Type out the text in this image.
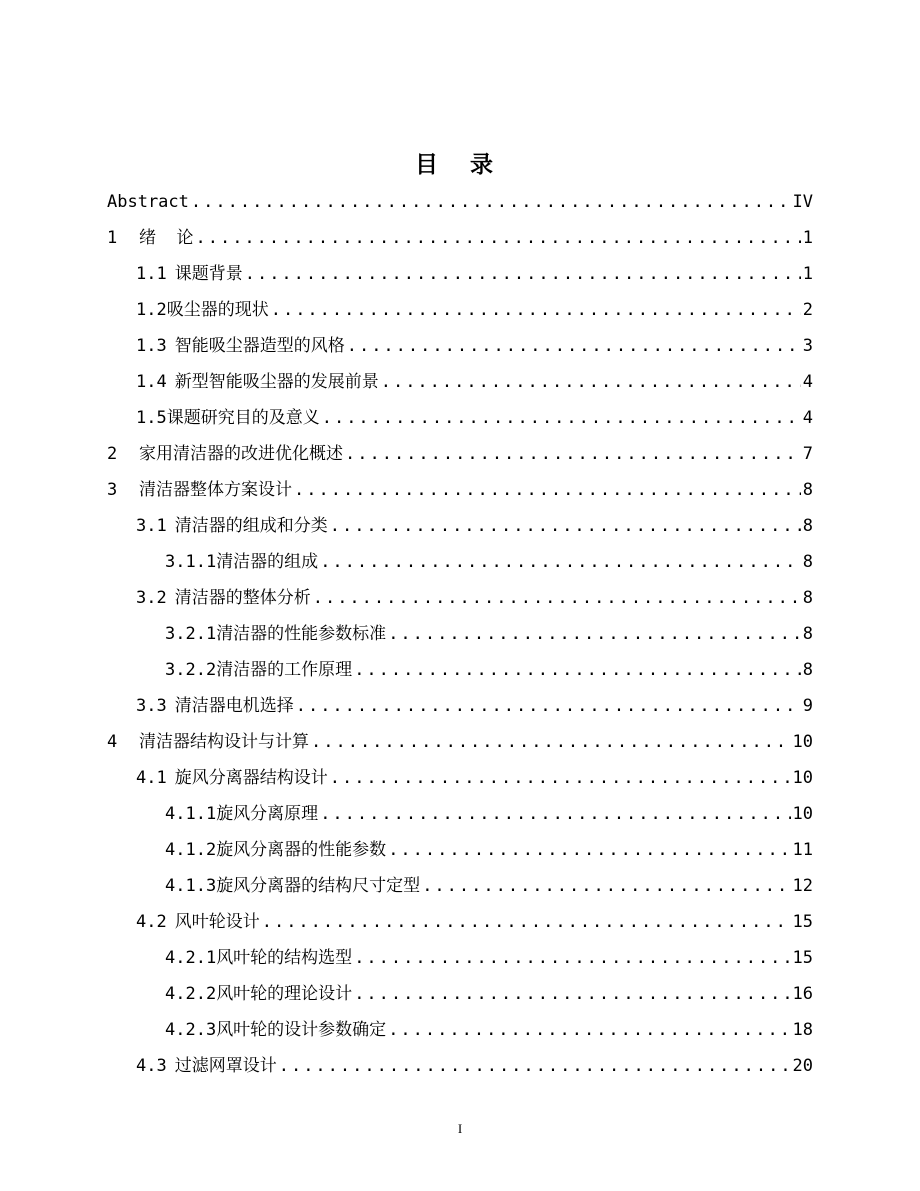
目 录
Abstract .....	IV
1	绪  论 .....	1
1.1 课题背景 .....	1
1.2 吸尘器的现状 .....	2
1.3 智能吸尘器造型的风格 .....	3
1.4 新型智能吸尘器的发展前景 .....	4
1.5 课题研究目的及意义 .....	4
2	家用清洁器的改进优化概述 .....	7
3	清洁器整体方案设计 .....	8
3.1 清洁器的组成和分类 .....	8
3.1.1 清洁器的组成 .....	8
3.2 清洁器的整体分析 .....	8
3.2.1 清洁器的性能参数标准 .....	8
3.2.2 清洁器的工作原理 .....	8
3.3 清洁器电机选择 .....	9
4	清洁器结构设计与计算 .....	10
4.1 旋风分离器结构设计 .....	10
4.1.1 旋风分离原理 .....	10
4.1.2 旋风分离器的性能参数 .....	11
4.1.3 旋风分离器的结构尺寸定型 .....	12
4.2 风叶轮设计 .....	15
4.2.1 风叶轮的结构选型 .....	15
4.2.2 风叶轮的理论设计 .....	16
4.2.3 风叶轮的设计参数确定 .....	18
4.3 过滤网罩设计 .....	20
I
